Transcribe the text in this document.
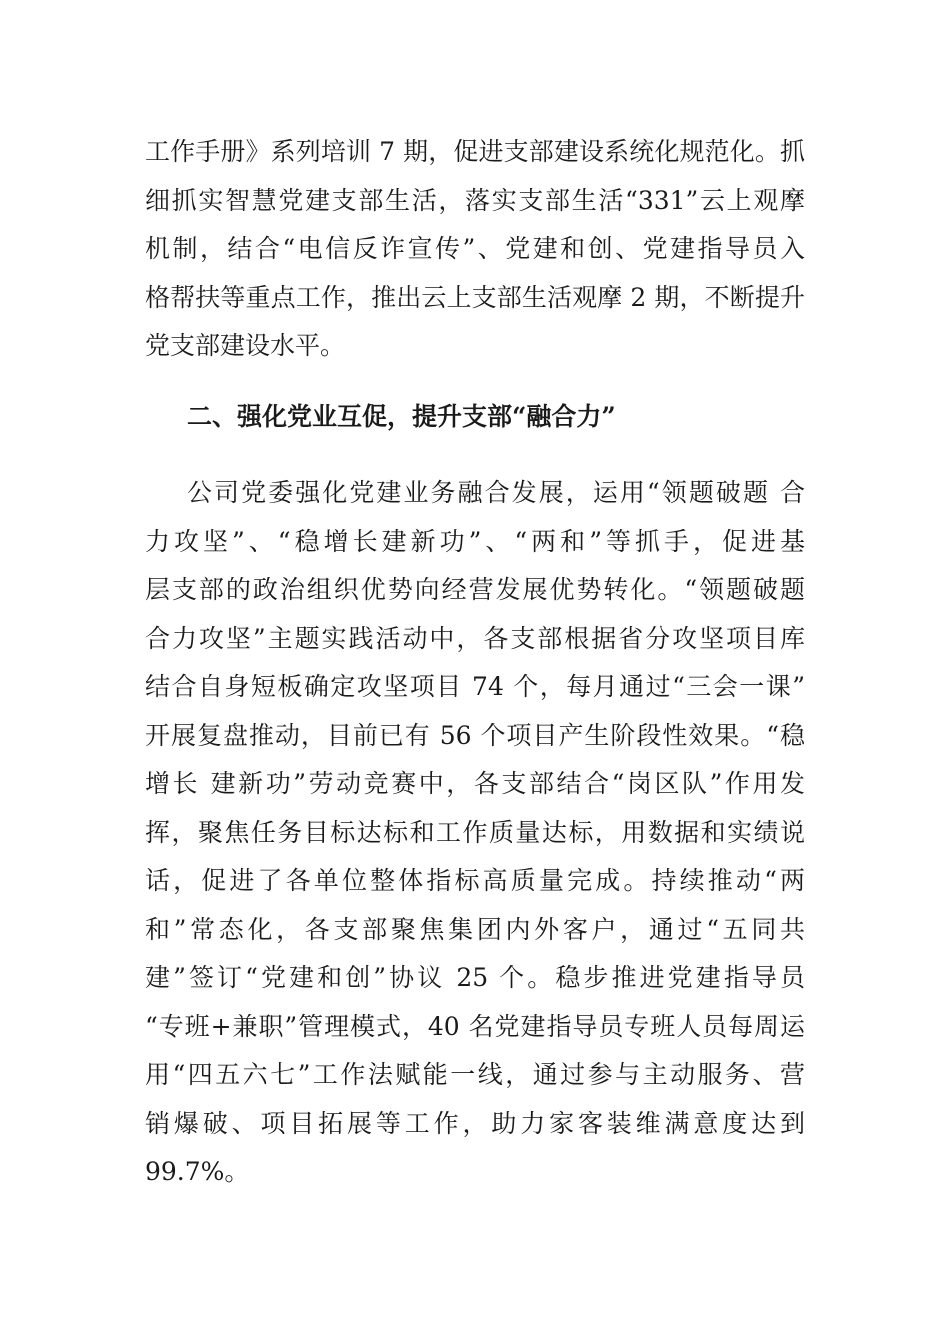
工作手册》系列培训 7 期，促进支部建设系统化规范化。抓
细抓实智慧党建支部生活，落实支部生活“331”云上观摩
机制，结合“电信反诈宣传”、党建和创、党建指导员入
格帮扶等重点工作，推出云上支部生活观摩 2 期，不断提升
党支部建设水平。
二、强化党业互促，提升支部“融合力”
公司党委强化党建业务融合发展，运用“领题破题 合
力攻坚”、“稳增长建新功”、“两和”等抓手，促进基
层支部的政治组织优势向经营发展优势转化。“领题破题
合力攻坚”主题实践活动中，各支部根据省分攻坚项目库
结合自身短板确定攻坚项目 74 个，每月通过“三会一课”
开展复盘推动，目前已有 56 个项目产生阶段性效果。“稳
增长 建新功”劳动竞赛中，各支部结合“岗区队”作用发
挥，聚焦任务目标达标和工作质量达标，用数据和实绩说
话，促进了各单位整体指标高质量完成。持续推动“两
和”常态化，各支部聚焦集团内外客户，通过“五同共
建”签订“党建和创”协议 25 个。稳步推进党建指导员
“专班+兼职”管理模式，40 名党建指导员专班人员每周运
用“四五六七”工作法赋能一线，通过参与主动服务、营
销爆破、项目拓展等工作，助力家客装维满意度达到
99.7%。
